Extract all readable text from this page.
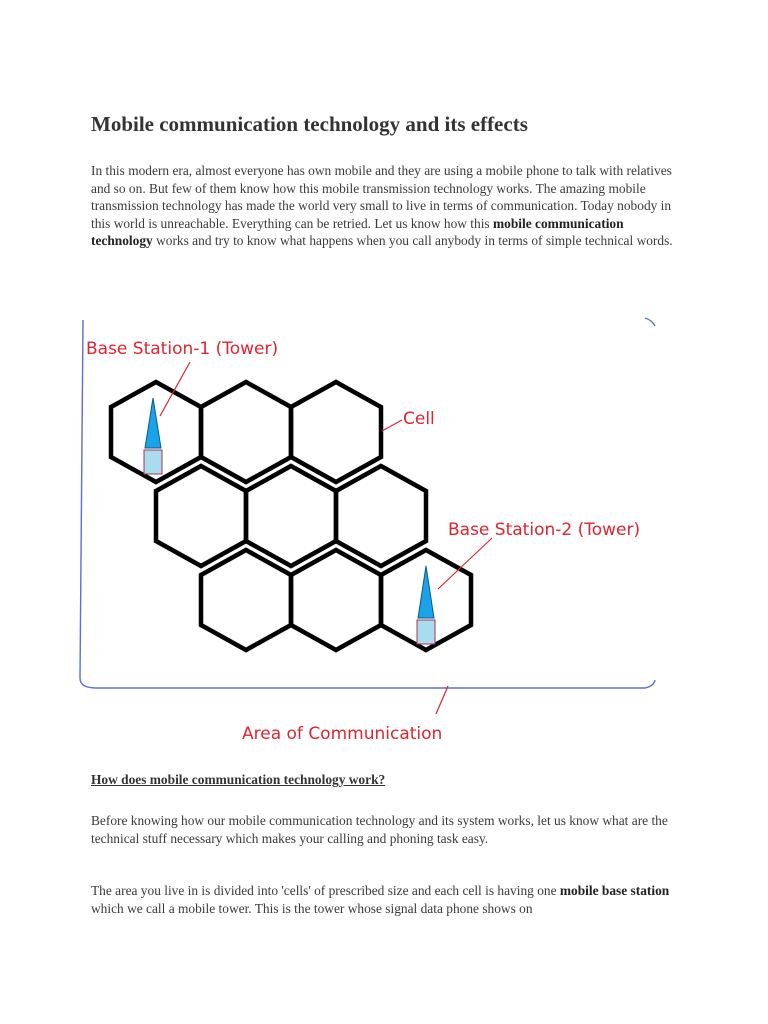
Mobile communication technology and its effects

In this modern era, almost everyone has own mobile and they are using a mobile phone to talk with relatives and so on. But few of them know how this mobile transmission technology works. The amazing mobile transmission technology has made the world very small to live in terms of communication. Today nobody in this world is unreachable. Everything can be retried. Let us know how this mobile communication technology works and try to know what happens when you call anybody in terms of simple technical words.

Base Station-1 (Tower)
Cell
Base Station-2 (Tower)
Area of Communication

How does mobile communication technology work?

Before knowing how our mobile communication technology and its system works, let us know what are the technical stuff necessary which makes your calling and phoning task easy.

The area you live in is divided into 'cells' of prescribed size and each cell is having one mobile base station which we call a mobile tower. This is the tower whose signal data phone shows on
